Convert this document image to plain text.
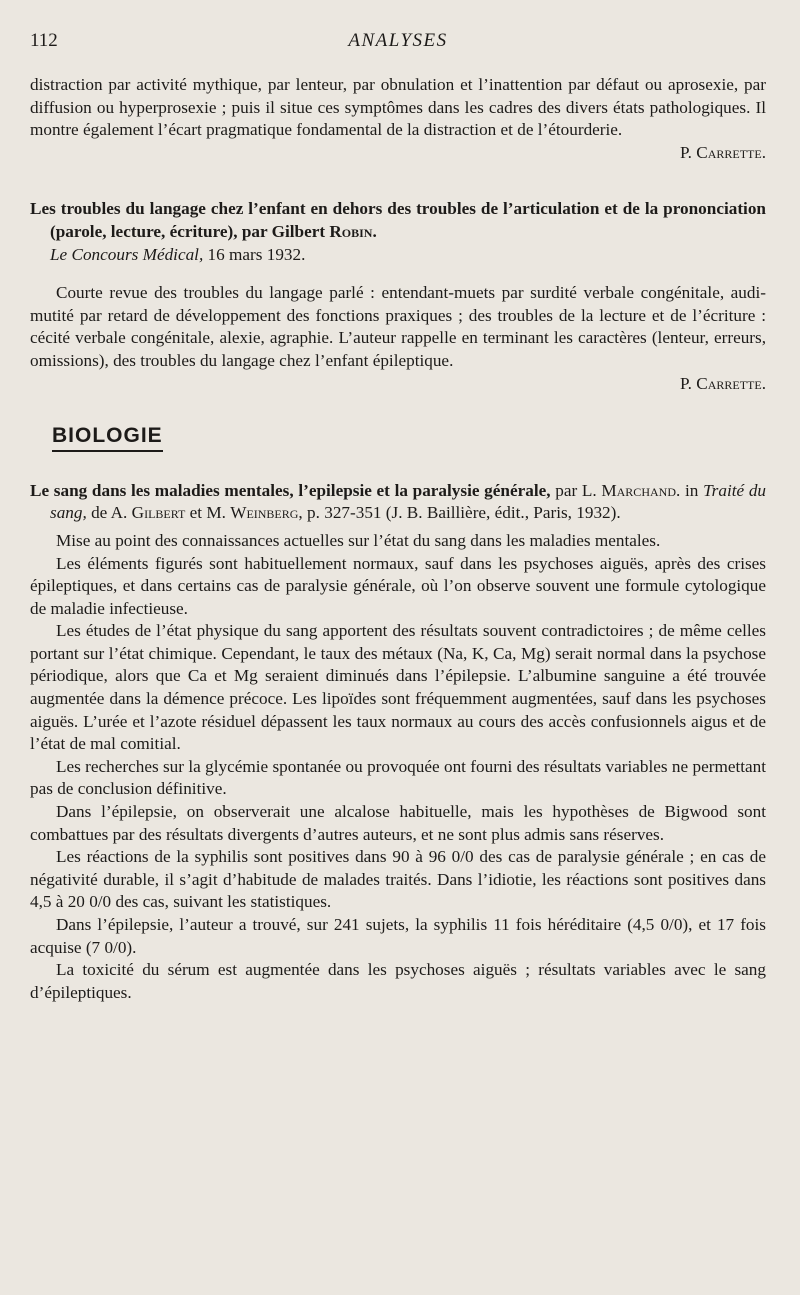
112	ANALYSES

distraction par activité mythique, par lenteur, par obnulation et l’inattention par défaut ou aprosexie, par diffusion ou hyperprosexie ; puis il situe ces symptômes dans les cadres des divers états pathologiques. Il montre également l’écart pragmatique fondamental de la distraction et de l’étourderie.

P. Carrette.

Les troubles du langage chez l’enfant en dehors des troubles de l’articulation et de la prononciation (parole, lecture, écriture), par Gilbert Robin.

Le Concours Médical, 16 mars 1932.

Courte revue des troubles du langage parlé : entendant-muets par surdité verbale congénitale, audi-mutité par retard de développement des fonctions praxiques ; des troubles de la lecture et de l’écriture : cécité verbale congénitale, alexie, agraphie. L’auteur rappelle en terminant les caractères (lenteur, erreurs, omissions), des troubles du langage chez l’enfant épileptique.

P. Carrette.

BIOLOGIE

Le sang dans les maladies mentales, l’epilepsie et la paralysie générale, par L. Marchand. in Traité du sang, de A. Gilbert et M. Weinberg, p. 327-351 (J. B. Baillière, édit., Paris, 1932).

Mise au point des connaissances actuelles sur l’état du sang dans les maladies mentales.

Les éléments figurés sont habituellement normaux, sauf dans les psychoses aiguës, après des crises épileptiques, et dans certains cas de paralysie générale, où l’on observe souvent une formule cytologique de maladie infectieuse.

Les études de l’état physique du sang apportent des résultats souvent contradictoires ; de même celles portant sur l’état chimique. Cependant, le taux des métaux (Na, K, Ca, Mg) serait normal dans la psychose périodique, alors que Ca et Mg seraient diminués dans l’épilepsie. L’albumine sanguine a été trouvée augmentée dans la démence précoce. Les lipoïdes sont fréquemment augmentées, sauf dans les psychoses aiguës. L’urée et l’azote résiduel dépassent les taux normaux au cours des accès confusionnels aigus et de l’état de mal comitial.

Les recherches sur la glycémie spontanée ou provoquée ont fourni des résultats variables ne permettant pas de conclusion définitive.

Dans l’épilepsie, on observerait une alcalose habituelle, mais les hypothèses de Bigwood sont combattues par des résultats divergents d’autres auteurs, et ne sont plus admis sans réserves.

Les réactions de la syphilis sont positives dans 90 à 96 0/0 des cas de paralysie générale ; en cas de négativité durable, il s’agit d’habitude de malades traités. Dans l’idiotie, les réactions sont positives dans 4,5 à 20 0/0 des cas, suivant les statistiques.

Dans l’épilepsie, l’auteur a trouvé, sur 241 sujets, la syphilis 11 fois héréditaire (4,5 0/0), et 17 fois acquise (7 0/0).

La toxicité du sérum est augmentée dans les psychoses aiguës ; résultats variables avec le sang d’épileptiques.
